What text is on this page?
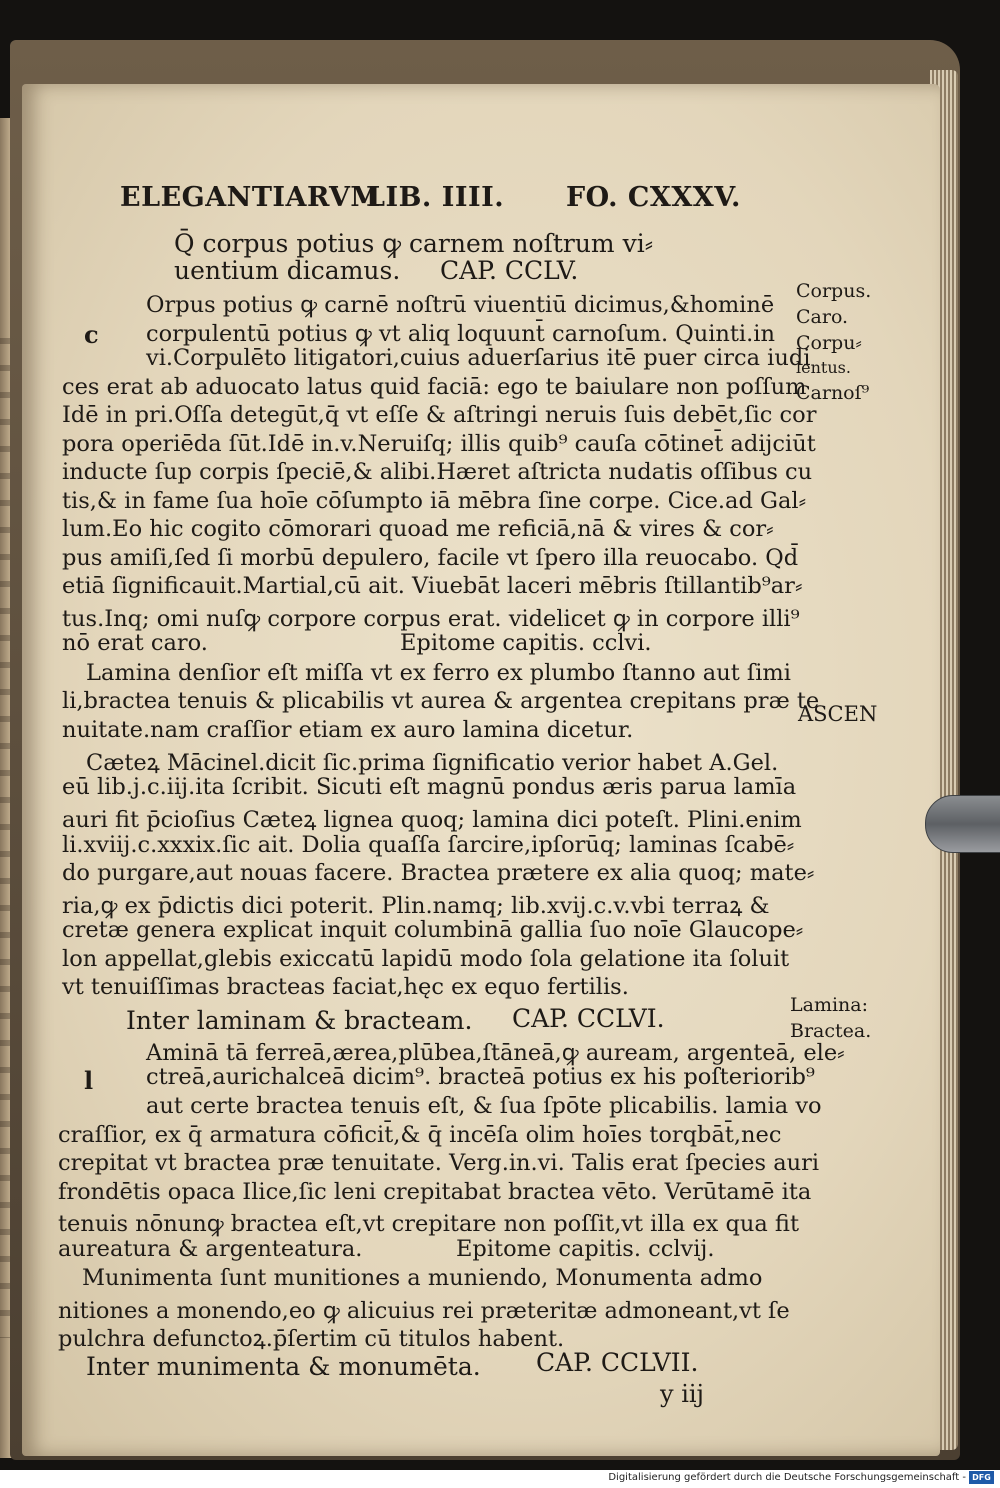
ELEGANTIARVM
LIB. IIII. FO. CXXXV.
Q̄ corpus potius ꝙ carnem noſtrum vi⸗
uentium dicamus. CAP. CCLV.
c
Orpus potius ꝙ carnē noſtrū viuentiū dicimus,&hominē
corpulentū potius ꝙ vt aliq loquunt̄ carnoſum. Quinti.in
vi.Corpulēto litigatori,cuius aduerſarius itē puer circa iudi
ces erat ab aduocato latus quid faciā: ego te baiulare non poſſum
Idē in pri.Oſſa detegūt,q̄ vt eſſe & aſtringi neruis ſuis debēt,ſic cor
pora operiēda ſūt.Idē in.v.Neruiſq; illis quib⁹ cauſa cōtinet̄ adijciūt
inducte ſup corpis ſpeciē,& alibi.Hæret aſtricta nudatis oſſibus cu
tis,& in fame ſua hoīe cōſumpto iā mēbra ſine corpe. Cice.ad Gal⸗
lum.Eo hic cogito cōmorari quoad me reficiā,nā & vires & cor⸗
pus amiſi,ſed ſi morbū depulero, facile vt ſpero illa reuocabo. Qd̄
etiā ſignificauit.Martial,cū ait. Viuebāt laceri mēbris ſtillantib⁹ar⸗
tus.Inq; omi nuſꝙ corpore corpus erat. videlicet ꝙ in corpore illi⁹
nō erat caro.	Epitome capitis. cclvi.
Lamina denſior eſt miſſa vt ex ferro ex plumbo ſtanno aut ſimi
li,bractea tenuis & plicabilis vt aurea & argentea crepitans præ te
nuitate.nam craſſior etiam ex auro lamina dicetur.
Cæteꝝ Mācinel.dicit ſic.prima ſignificatio verior habet A.Gel.
eū lib.j.c.iij.ita ſcribit. Sicuti eſt magnū pondus æris parua lamīa
auri fit p̄cioſius Cæteꝝ lignea quoq; lamina dici poteſt. Plini.enim
li.xviij.c.xxxix.ſic ait. Dolia quaſſa ſarcire,ipſorūq; laminas ſcabē⸗
do purgare,aut nouas facere. Bractea prætere ex alia quoq; mate⸗
ria,ꝙ ex p̄dictis dici poterit. Plin.namq; lib.xvij.c.v.vbi terraꝝ &
cretæ genera explicat inquit columbinā gallia ſuo noīe Glaucope⸗
lon appellat,glebis exiccatū lapidū modo ſola gelatione ita ſoluit
vt tenuiſſimas bracteas faciat,hęc ex equo fertilis.
Inter laminam & bracteam. CAP. CCLVI.
l
Aminā tā ferreā,ærea,plūbea,ſtāneā,ꝙ auream, argenteā, ele⸗
ctreā,aurichalceā dicim⁹. bracteā potius ex his poſteriorib⁹
aut certe bractea tenuis eſt, & ſua ſpōte plicabilis. lamia vo
craſſior, ex q̄ armatura cōficit̄,& q̄ incēſa olim hoīes torqbāt̄,nec
crepitat vt bractea præ tenuitate. Verg.in.vi. Talis erat ſpecies auri
frondētis opaca Ilice,ſic leni crepitabat bractea vēto. Verūtamē ita
tenuis nōnunꝙ bractea eſt,vt crepitare non poſſit,vt illa ex qua fit
aureatura & argenteatura.	Epitome capitis. cclvij.
Munimenta ſunt munitiones a muniendo, Monumenta admo
nitiones a monendo,eo ꝙ alicuius rei præteritæ admoneant,vt ſe
pulchra defunctoꝝ.p̄ſertim cū titulos habent.
Inter munimenta & monumēta. CAP. CCLVII.
y iij
Corpus.
Caro.
Corpu⸗
lentus.
Carnoſ⁹
ASCEN
Lamina:
Bractea.
Digitalisierung gefördert durch die Deutsche Forschungsgemeinschaft - DFG
